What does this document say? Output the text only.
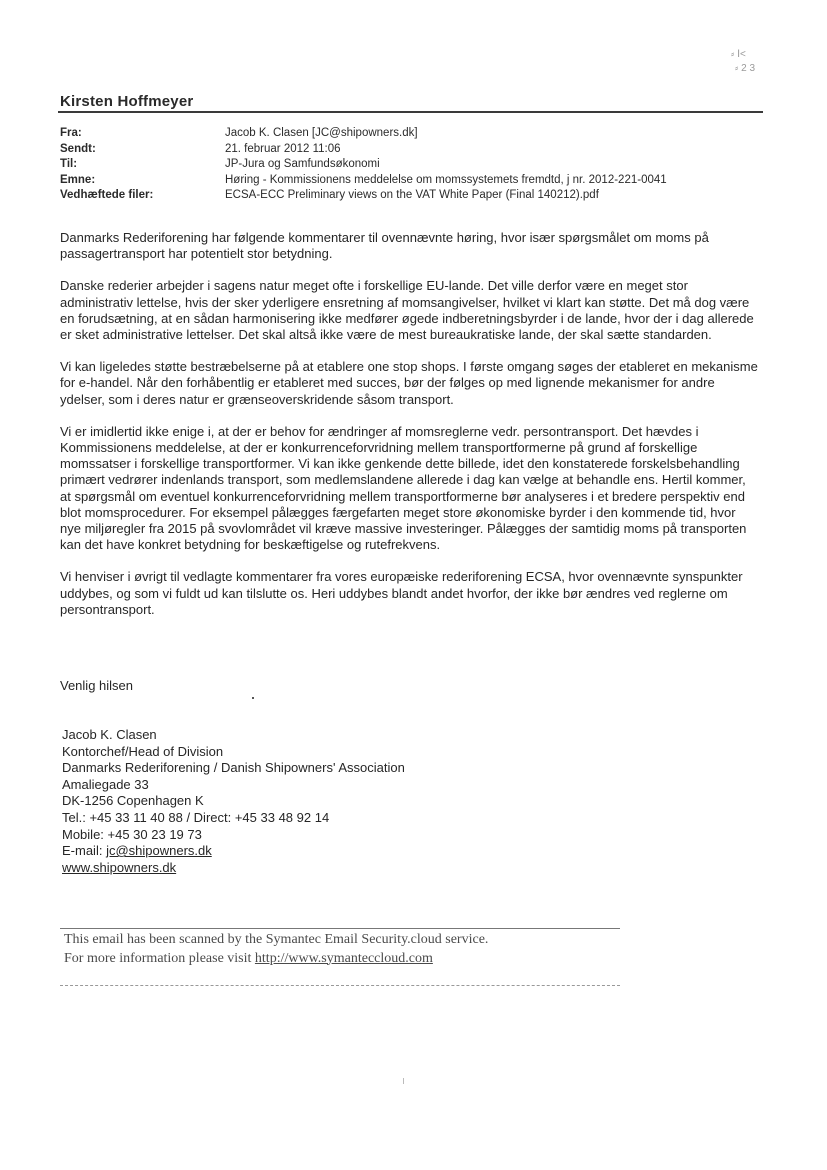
⸗ Ⅰ<
⸗ 2 3
Kirsten Hoffmeyer
Fra:	Jacob K. Clasen [JC@shipowners.dk]
Sendt:	21. februar 2012 11:06
Til:	JP-Jura og Samfundsøkonomi
Emne:	Høring - Kommissionens meddelelse om momssystemets fremdtd, j nr. 2012-221-0041
Vedhæftede filer:	ECSA-ECC Preliminary views on the VAT White Paper (Final 140212).pdf

Danmarks Rederiforening har følgende kommentarer til ovennævnte høring, hvor især spørgsmålet om moms på passagertransport har potentielt stor betydning.

Danske rederier arbejder i sagens natur meget ofte i forskellige EU-lande. Det ville derfor være en meget stor administrativ lettelse, hvis der sker yderligere ensretning af momsangivelser, hvilket vi klart kan støtte. Det må dog være en forudsætning, at en sådan harmonisering ikke medfører øgede indberetningsbyrder i de lande, hvor der i dag allerede er sket administrative lettelser. Det skal altså ikke være de mest bureaukratiske lande, der skal sætte standarden.

Vi kan ligeledes støtte bestræbelserne på at etablere one stop shops. I første omgang søges der etableret en mekanisme for e-handel. Når den forhåbentlig er etableret med succes, bør der følges op med lignende mekanismer for andre ydelser, som i deres natur er grænseoverskridende såsom transport.

Vi er imidlertid ikke enige i, at der er behov for ændringer af momsreglerne vedr. persontransport. Det hævdes i Kommissionens meddelelse, at der er konkurrenceforvridning mellem transportformerne på grund af forskellige momssatser i forskellige transportformer. Vi kan ikke genkende dette billede, idet den konstaterede forskelsbehandling primært vedrører indenlands transport, som medlemslandene allerede i dag kan vælge at behandle ens. Hertil kommer, at spørgsmål om eventuel konkurrenceforvridning mellem transportformerne bør analyseres i et bredere perspektiv end blot momsprocedurer. For eksempel pålægges færgefarten meget store økonomiske byrder i den kommende tid, hvor nye miljøregler fra 2015 på svovlområdet vil kræve massive investeringer. Pålægges der samtidig moms på transporten kan det have konkret betydning for beskæftigelse og rutefrekvens.

Vi henviser i øvrigt til vedlagte kommentarer fra vores europæiske rederiforening ECSA, hvor ovennævnte synspunkter uddybes, og som vi fuldt ud kan tilslutte os. Heri uddybes blandt andet hvorfor, der ikke bør ændres ved reglerne om persontransport.

Venlig hilsen
Jacob K. Clasen
Kontorchef/Head of Division
Danmarks Rederiforening / Danish Shipowners' Association
Amaliegade 33
DK-1256 Copenhagen K
Tel.: +45 33 11 40 88 / Direct: +45 33 48 92 14
Mobile: +45 30 23 19 73
E-mail: jc@shipowners.dk
www.shipowners.dk
This email has been scanned by the Symantec Email Security.cloud service.
For more information please visit http://www.symanteccloud.com
